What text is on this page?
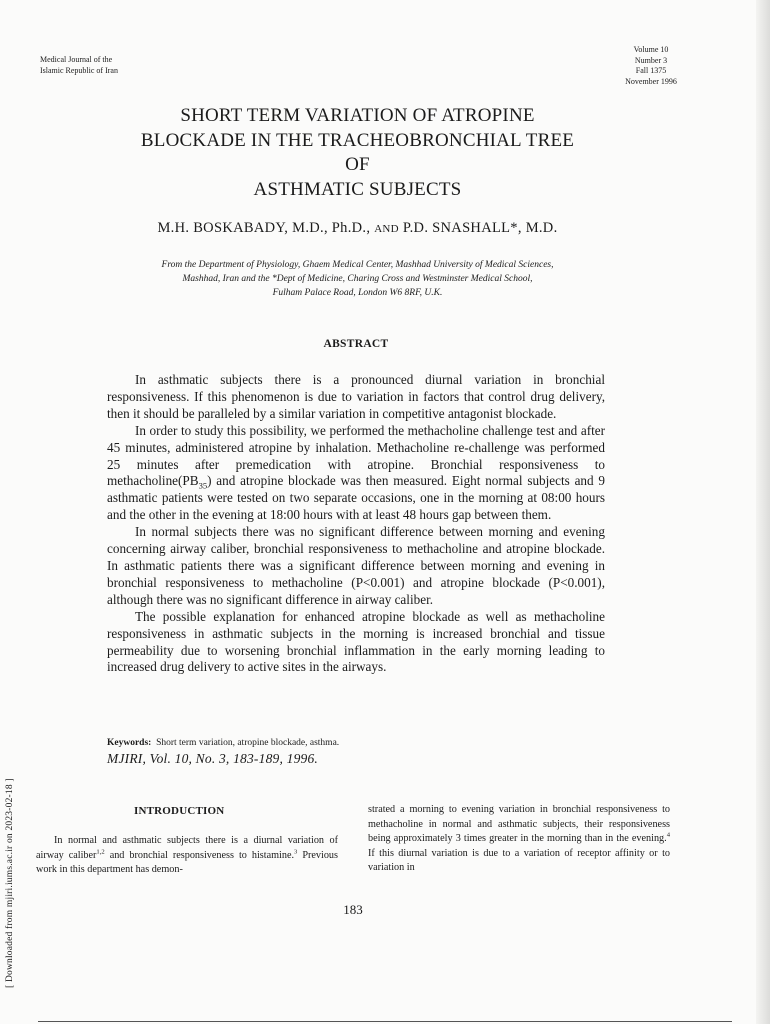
Medical Journal of the
Islamic Republic of Iran
Volume 10
Number 3
Fall 1375
November 1996
SHORT TERM VARIATION OF ATROPINE
BLOCKADE IN THE TRACHEOBRONCHIAL TREE
OF
ASTHMATIC SUBJECTS
M.H. BOSKABADY, M.D., Ph.D., AND P.D. SNASHALL*, M.D.
From the Department of Physiology, Ghaem Medical Center, Mashhad University of Medical Sciences,
Mashhad, Iran and the *Dept of Medicine, Charing Cross and Westminster Medical School,
Fulham Palace Road, London W6 8RF, U.K.
ABSTRACT

In asthmatic subjects there is a pronounced diurnal variation in bronchial responsiveness. If this phenomenon is due to variation in factors that control drug delivery, then it should be paralleled by a similar variation in competitive antagonist blockade.

In order to study this possibility, we performed the methacholine challenge test and after 45 minutes, administered atropine by inhalation. Methacholine re-challenge was performed 25 minutes after premedication with atropine. Bronchial responsiveness to $methacholine(PB_{35})$ and atropine blockade was then measured. Eight normal subjects and 9 asthmatic patients were tested on two separate occasions, one in the morning at 08:00 hours and the other in the evening at 18:00 hours with at least 48 hours gap between them.

In normal subjects there was no significant difference between morning and evening concerning airway caliber, bronchial responsiveness to methacholine and atropine blockade. In asthmatic patients there was a significant difference between morning and evening in bronchial responsiveness to methacholine (P<0.001) and atropine blockade (P<0.001), although there was no significant difference in airway caliber.

The possible explanation for enhanced atropine blockade as well as methacholine responsiveness in asthmatic subjects in the morning is increased bronchial and tissue permeability due to worsening bronchial inflammation in the early morning leading to increased drug delivery to active sites in the airways.

Keywords: Short term variation, atropine blockade, asthma.
MJIRI, Vol. 10, No. 3, 183-189, 1996.
INTRODUCTION

In normal and asthmatic subjects there is a diurnal variation of airway caliber$^{1,2}$ and bronchial responsiveness to histamine.$^3$ Previous work in this department has demon-

strated a morning to evening variation in bronchial responsiveness to methacholine in normal and asthmatic subjects, their responsiveness being approximately 3 times greater in the morning than in the evening.$^4$ If this diurnal variation is due to a variation of receptor affinity or to variation in

183
[ Downloaded from mjiri.iums.ac.ir on 2023-02-18 ]
